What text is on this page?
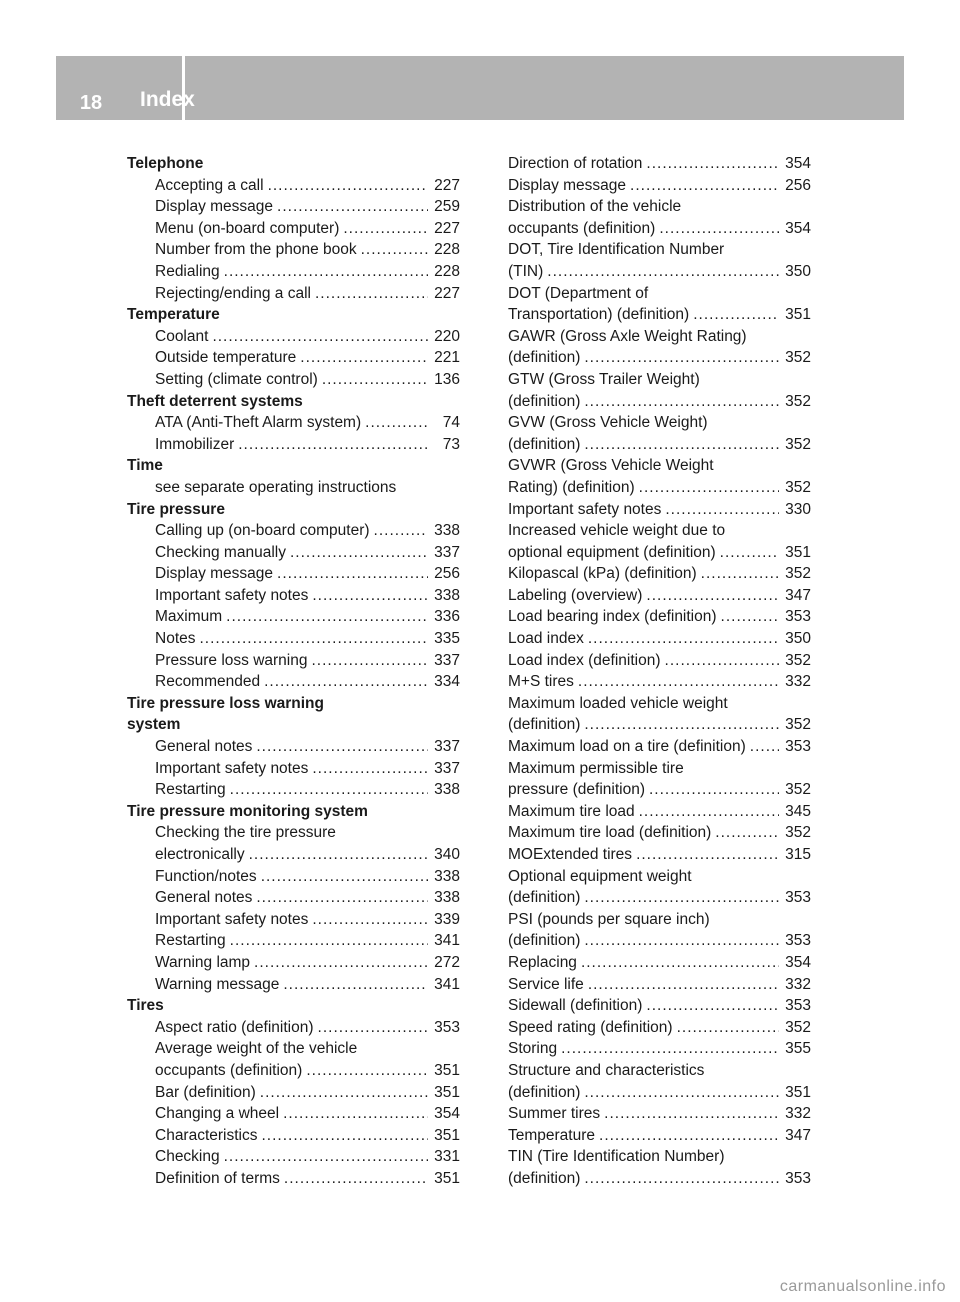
18	Index
Telephone
Accepting a call .....	227
Display message .....	259
Menu (on-board computer) .....	227
Number from the phone book .....	228
Redialing .....	228
Rejecting/ending a call .....	227
Temperature
Coolant .....	220
Outside temperature .....	221
Setting (climate control) .....	136
Theft deterrent systems
ATA (Anti-Theft Alarm system) .....	74
Immobilizer .....	73
Time
see separate operating instructions
Tire pressure
Calling up (on-board computer) .....	338
Checking manually .....	337
Display message .....	256
Important safety notes .....	338
Maximum .....	336
Notes .....	335
Pressure loss warning .....	337
Recommended .....	334
Tire pressure loss warning
system
General notes .....	337
Important safety notes .....	337
Restarting .....	338
Tire pressure monitoring system
Checking the tire pressure
electronically .....	340
Function/notes .....	338
General notes .....	338
Important safety notes .....	339
Restarting .....	341
Warning lamp .....	272
Warning message .....	341
Tires
Aspect ratio (definition) .....	353
Average weight of the vehicle
occupants (definition) .....	351
Bar (definition) .....	351
Changing a wheel .....	354
Characteristics .....	351
Checking .....	331
Definition of terms .....	351
Direction of rotation .....	354
Display message .....	256
Distribution of the vehicle
occupants (definition) .....	354
DOT, Tire Identification Number
(TIN) .....	350
DOT (Department of
Transportation) (definition) .....	351
GAWR (Gross Axle Weight Rating)
(definition) .....	352
GTW (Gross Trailer Weight)
(definition) .....	352
GVW (Gross Vehicle Weight)
(definition) .....	352
GVWR (Gross Vehicle Weight
Rating) (definition) .....	352
Important safety notes .....	330
Increased vehicle weight due to
optional equipment (definition) .....	351
Kilopascal (kPa) (definition) .....	352
Labeling (overview) .....	347
Load bearing index (definition) .....	353
Load index .....	350
Load index (definition) .....	352
M+S tires .....	332
Maximum loaded vehicle weight
(definition) .....	352
Maximum load on a tire (definition) .....	353
Maximum permissible tire
pressure (definition) .....	352
Maximum tire load .....	345
Maximum tire load (definition) .....	352
MOExtended tires .....	315
Optional equipment weight
(definition) .....	353
PSI (pounds per square inch)
(definition) .....	353
Replacing .....	354
Service life .....	332
Sidewall (definition) .....	353
Speed rating (definition) .....	352
Storing .....	355
Structure and characteristics
(definition) .....	351
Summer tires .....	332
Temperature .....	347
TIN (Tire Identification Number)
(definition) .....	353
carmanualsonline.info
